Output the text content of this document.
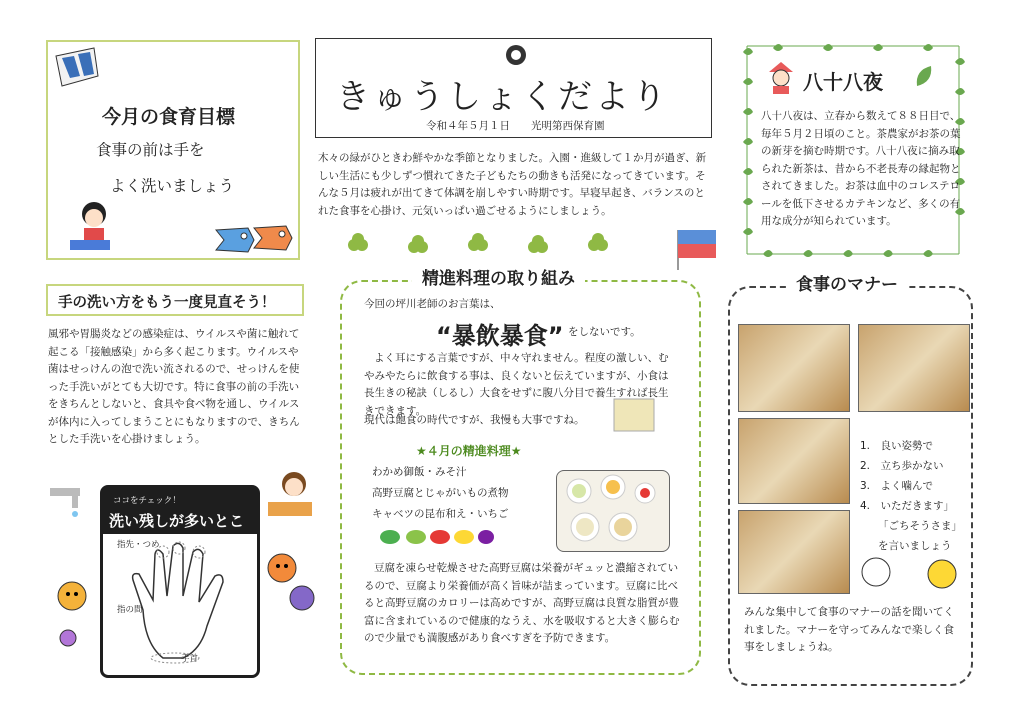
今月の食育目標
食事の前は手を
よく洗いましょう
手の洗い方をもう一度見直そう！
風邪や胃腸炎などの感染症は、ウイルスや菌に触れて起こる「接触感染」から多く起こります。ウイルスや菌はせっけんの泡で洗い流されるので、せっけんを使った手洗いがとても大切です。特に食事の前の手洗いをきちんとしないと、食具や食べ物を通し、ウイルスが体内に入ってしまうことにもなりますので、きちんとした手洗いを心掛けましょう。
ココをチェック！
洗い残しが多いところ
指先・つめ
指の間
手首
きゅうしょくだより
令和４年５月１日　　光明第西保育園
木々の緑がひときわ鮮やかな季節となりました。入園・進級して１か月が過ぎ、新しい生活にも少しずつ慣れてきた子どもたちの動きも活発になってきています。そんな５月は疲れが出てきて体調を崩しやすい時期です。早寝早起き、バランスのとれた食事を心掛け、元気いっぱい過ごせるようにしましょう。
八十八夜
八十八夜は、立春から数えて８８日目で、毎年５月２日頃のこと。茶農家がお茶の葉の新芽を摘む時期です。八十八夜に摘み取られた新茶は、昔から不老長寿の縁起物とされてきました。お茶は血中のコレステロールを低下させるカテキンなど、多くの有用な成分が知られています。
精進料理の取り組み
今回の坪川老師のお言葉は、
“暴飲暴食” をしないです。
よく耳にする言葉ですが、中々守れません。程度の激しい、むやみやたらに飲食する事は、良くないと伝えていますが、小食は長生きの秘訣（しるし）大食をせずに腹八分目で養生すれば長生きできます。
現代は飽食の時代ですが、我慢も大事ですね。
★４月の精進料理★
わかめ御飯・みそ汁
高野豆腐とじゃがいもの煮物
キャベツの昆布和え・いちご
豆腐を凍らせ乾燥させた高野豆腐は栄養がギュッと濃縮されているので、豆腐より栄養価が高く旨味が詰まっています。豆腐に比べると高野豆腐のカロリーは高めですが、高野豆腐は良質な脂質が豊富に含まれているので健康的なうえ、水を吸収すると大きく膨らむので少量でも満腹感があり食べすぎを予防できます。
食事のマナー
1.　良い姿勢で
2.　立ち歩かない
3.　よく噛んで
4.　いただきます」
「ごちそうさま」
を言いましょう
みんな集中して食事のマナーの話を聞いてくれました。マナーを守ってみんなで楽しく食事をしましょうね。
